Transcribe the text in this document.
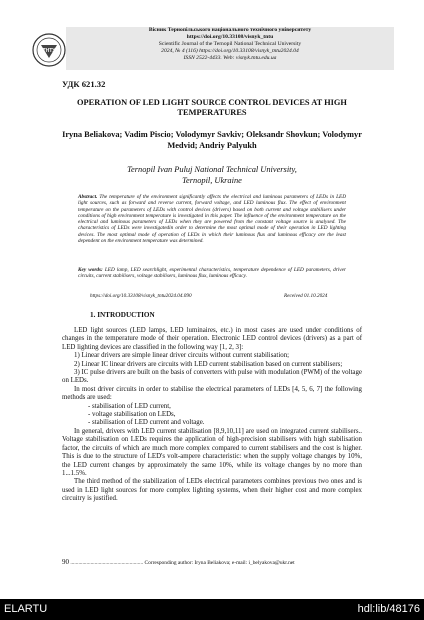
ТНТУ
Вісник Тернопільського національного технічного університету
https://doi.org/10.33108/visnyk_tntu
Scientific Journal of the Ternopil National Technical University
2024, № 4 (116) https://doi.org/10.33108/visnyk_tntu2024.04
ISSN 2522-4433. Web: visnyk.tntu.edu.ua
УДК 621.32
OPERATION OF LED LIGHT SOURCE CONTROL DEVICES AT HIGH TEMPERATURES
Iryna Beliakova; Vadim Piscio; Volodymyr Savkiv; Oleksandr Shovkun; Volodymyr Medvid; Andriy Palyukh
Ternopil Ivan Puluj National Technical University,
Ternopil, Ukraine
Abstract. The temperature of the environment significantly affects the electrical and luminous parameters of LEDs in LED light sources, such as forward and reverse current, forward voltage, and LED luminous flux. The effect of environment temperature on the parameters of LEDs with control devices (drivers) based on both current and voltage stabilisers under conditions of high environment temperature is investigated in this paper. The influence of the environment temperature on the electrical and luminous parameters of LEDs when they are powered from the constant voltage source is analysed. The characteristics of LEDs were investigatedin order to determine the most optimal mode of their operation in LED lighting devices. The most optimal mode of operation of LEDs in which their luminous flux and luminous efficacy are the least dependent on the environment temperature was determined.
Key words: LED lamp, LED searchlight, experimental characteristics, temperature dependence of LED parameters, driver circuits, current stabilisers, voltage stabilisers, luminous flux, luminous efficacy.
https://doi.org/10.33108/visnyk_tntu2024.04.090	Received 01.10.2024
1. INTRODUCTION

LED light sources (LED lamps, LED luminaires, etc.) in most cases are used under conditions of changes in the temperature mode of their operation. Electronic LED control devices (drivers) as a part of LED lighting devices are classified in the following way [1, 2, 3]:

1) Linear drivers are simple linear driver circuits without current stabilisation;

2) Linear IC linear drivers are circuits with LED current stabilisation based on current stabilisers;

3) IC pulse drivers are built on the basis of converters with pulse with modulation (PWM) of the voltage on LEDs.

In most driver circuits in order to stabilise the electrical parameters of LEDs [4, 5, 6, 7] the following methods are used:

- stabilisation of LED current,

- voltage stabilisation on LEDs,

- stabilisation of LED current and voltage.

In general, drivers with LED current stabilisation [8,9,10,11] are used on integrated current stabilisers.. Voltage stabilisation on LEDs requires the application of high-precision stabilisers with high stabilisation factor, the circuits of which are much more complex compared to current stabilisers and the cost is higher. This is due to the structure of LED's volt-ampere characteristic: when the supply voltage changes by 10%, the LED current changes by approximately the same 10%, while its voltage changes by no more than 1...1.5%.

The third method of the stabilization of LEDs electrical parameters combines previous two ones and is used in LED light sources for more complex lighting systems, when their higher cost and more complex circuitry is justified.

90 ...................................................... Corresponding author: Iryna Beliakova; e-mail: i_belyakova@ukr.net
ELARTU	hdl:lib/48176
